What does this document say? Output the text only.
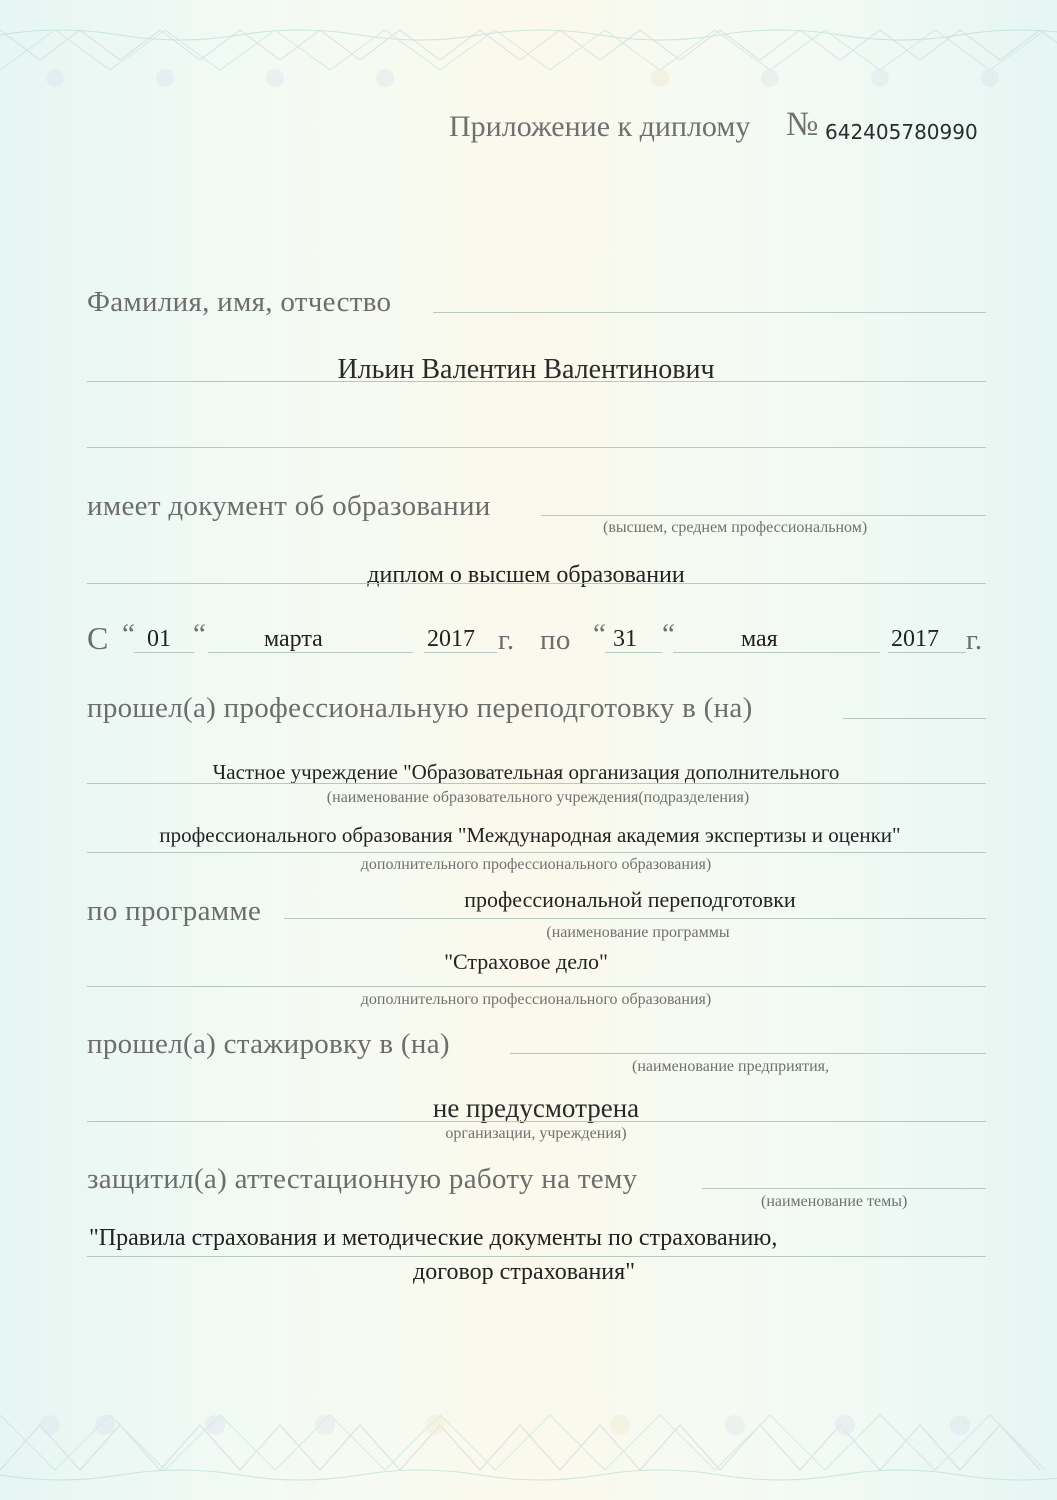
Приложение к диплому № 642405780990
Фамилия, имя, отчество
Ильин Валентин Валентинович
имеет документ об образовании
(высшем, среднем профессиональном)
диплом о высшем образовании
С “ 01 “ марта	2017 г. по “ 31 “	мая	2017 г.
прошел(а) профессиональную переподготовку в (на)
Частное учреждение "Образовательная организация дополнительного
(наименование образовательного учреждения(подразделения)
профессионального образования "Международная академия экспертизы и оценки"
дополнительного профессионального образования)
по программе	профессиональной переподготовки
(наименование программы
"Страховое дело"
дополнительного профессионального образования)
прошел(а) стажировку в (на)
(наименование предприятия,
не предусмотрена
организации, учреждения)
защитил(а) аттестационную работу на тему
(наименование темы)
"Правила страхования и методические документы по страхованию,
договор страхования"
